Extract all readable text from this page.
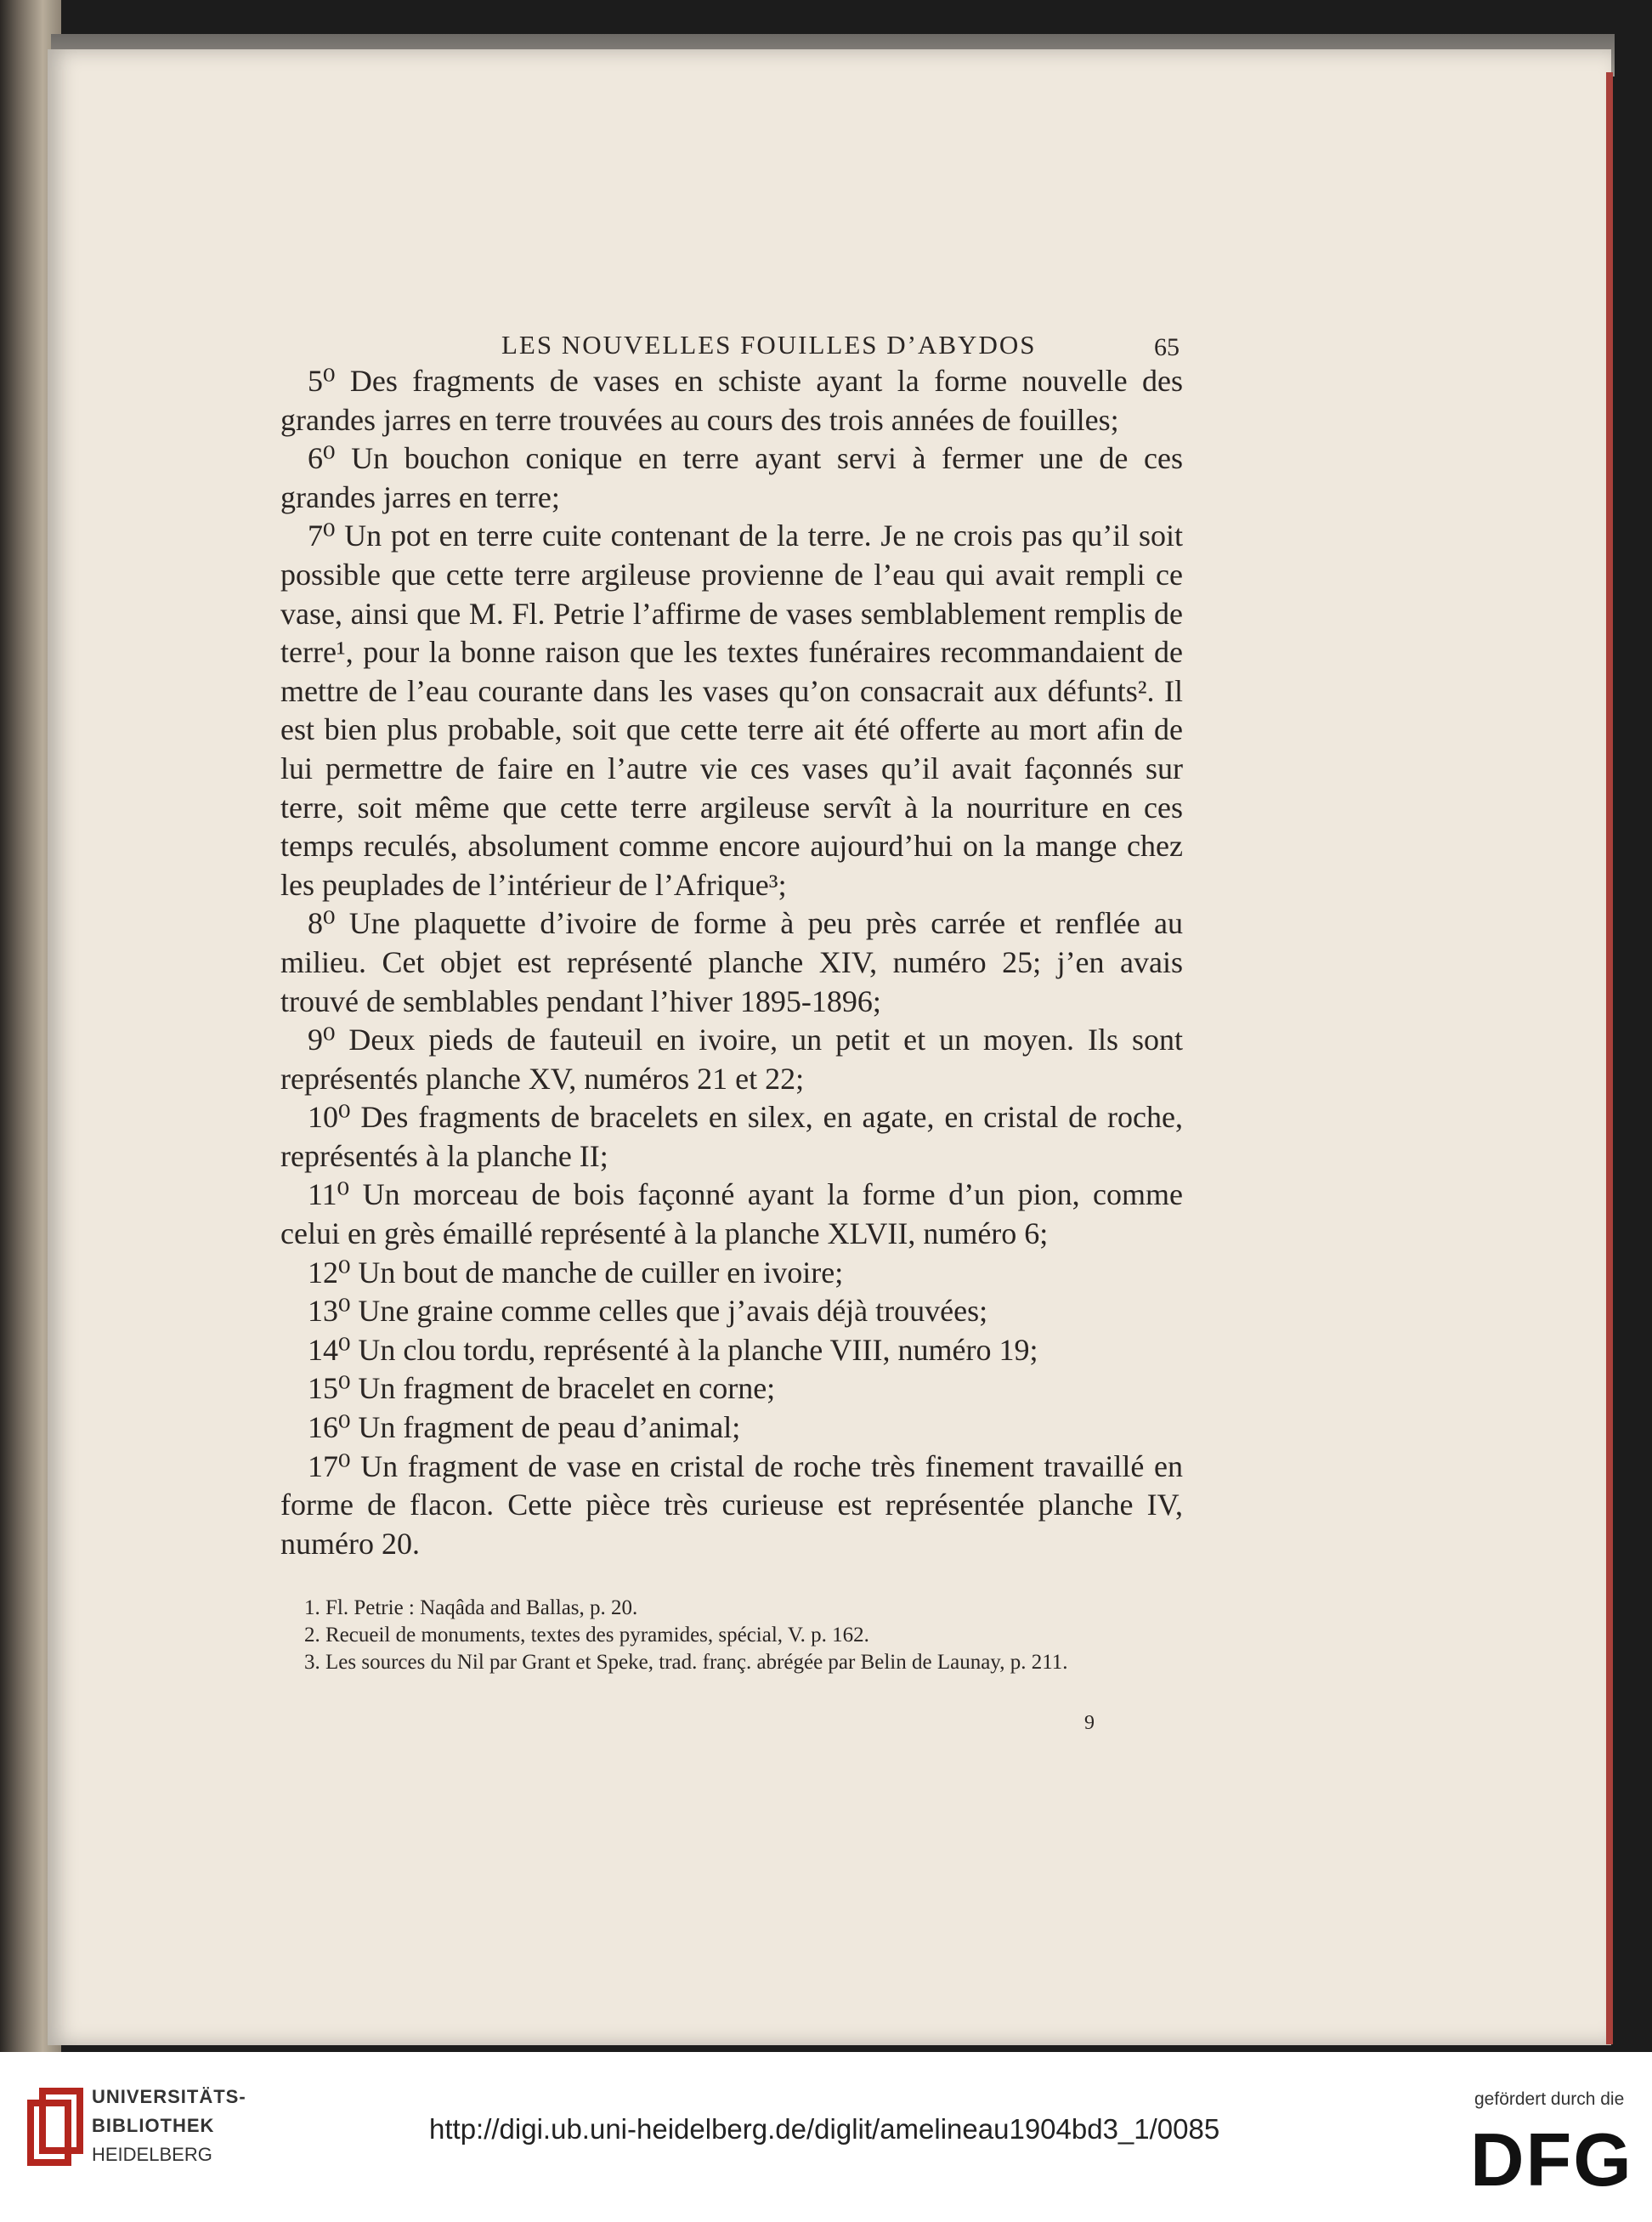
LES NOUVELLES FOUILLES D’ABYDOS	65

5⁰ Des fragments de vases en schiste ayant la forme nouvelle des grandes jarres en terre trouvées au cours des trois années de fouilles;

6⁰ Un bouchon conique en terre ayant servi à fermer une de ces grandes jarres en terre;

7⁰ Un pot en terre cuite contenant de la terre. Je ne crois pas qu’il soit possible que cette terre argileuse provienne de l’eau qui avait rempli ce vase, ainsi que M. Fl. Petrie l’affirme de vases semblablement remplis de terre¹, pour la bonne raison que les textes funéraires recommandaient de mettre de l’eau courante dans les vases qu’on consacrait aux défunts². Il est bien plus probable, soit que cette terre ait été offerte au mort afin de lui permettre de faire en l’autre vie ces vases qu’il avait façonnés sur terre, soit même que cette terre argileuse servît à la nourriture en ces temps reculés, absolument comme encore aujourd’hui on la mange chez les peuplades de l’intérieur de l’Afrique³;

8⁰ Une plaquette d’ivoire de forme à peu près carrée et renflée au milieu. Cet objet est représenté planche XIV, numéro 25; j’en avais trouvé de semblables pendant l’hiver 1895-1896;

9⁰ Deux pieds de fauteuil en ivoire, un petit et un moyen. Ils sont représentés planche XV, numéros 21 et 22;

10⁰ Des fragments de bracelets en silex, en agate, en cristal de roche, représentés à la planche II;

11⁰ Un morceau de bois façonné ayant la forme d’un pion, comme celui en grès émaillé représenté à la planche XLVII, numéro 6;

12⁰ Un bout de manche de cuiller en ivoire;

13⁰ Une graine comme celles que j’avais déjà trouvées;

14⁰ Un clou tordu, représenté à la planche VIII, numéro 19;

15⁰ Un fragment de bracelet en corne;

16⁰ Un fragment de peau d’animal;

17⁰ Un fragment de vase en cristal de roche très finement travaillé en forme de flacon. Cette pièce très curieuse est représentée planche IV, numéro 20.

1. Fl. Petrie : Naqâda and Ballas, p. 20.

2. Recueil de monuments, textes des pyramides, spécial, V. p. 162.

3. Les sources du Nil par Grant et Speke, trad. franç. abrégée par Belin de Launay, p. 211.

9
UNIVERSITÄTS-
BIBLIOTHEK
HEIDELBERG
http://digi.ub.uni-heidelberg.de/diglit/amelineau1904bd3_1/0085
gefördert durch die
DFG
